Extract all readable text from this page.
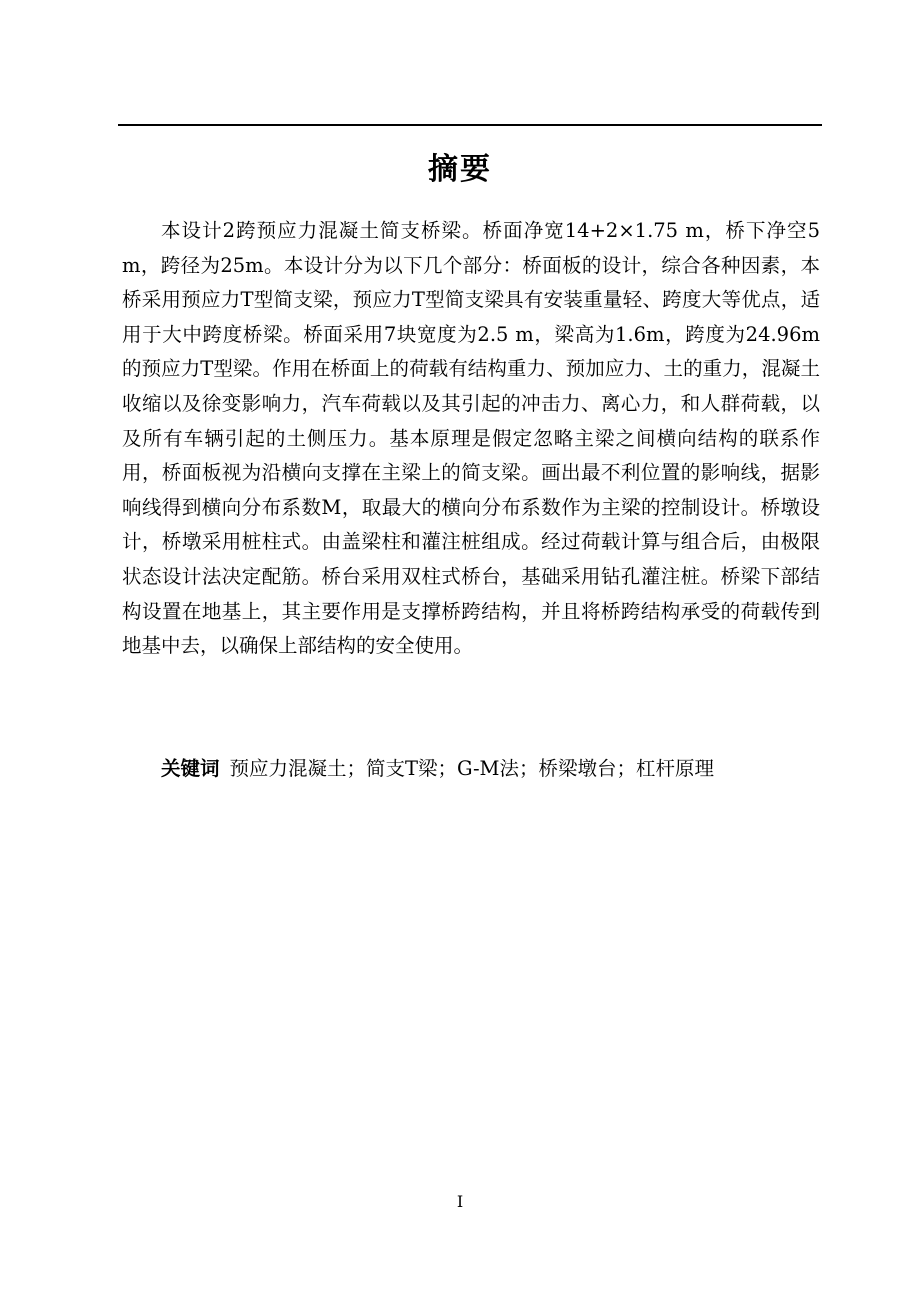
摘要

本设计2跨预应力混凝土简支桥梁。桥面净宽14+2×1.75 m，桥下净空5m，跨径为25m。本设计分为以下几个部分：桥面板的设计，综合各种因素，本桥采用预应力T型简支梁，预应力T型简支梁具有安装重量轻、跨度大等优点，适用于大中跨度桥梁。桥面采用7块宽度为2.5 m，梁高为1.6m，跨度为24.96m的预应力T型梁。作用在桥面上的荷载有结构重力、预加应力、土的重力，混凝土收缩以及徐变影响力，汽车荷载以及其引起的冲击力、离心力，和人群荷载，以及所有车辆引起的土侧压力。基本原理是假定忽略主梁之间横向结构的联系作用，桥面板视为沿横向支撑在主梁上的简支梁。画出最不利位置的影响线，据影响线得到横向分布系数M，取最大的横向分布系数作为主梁的控制设计。桥墩设计，桥墩采用桩柱式。由盖梁柱和灌注桩组成。经过荷载计算与组合后，由极限状态设计法决定配筋。桥台采用双柱式桥台，基础采用钻孔灌注桩。桥梁下部结构设置在地基上，其主要作用是支撑桥跨结构，并且将桥跨结构承受的荷载传到地基中去，以确保上部结构的安全使用。

关键词 预应力混凝土；简支T梁；G-M法；桥梁墩台；杠杆原理

I
